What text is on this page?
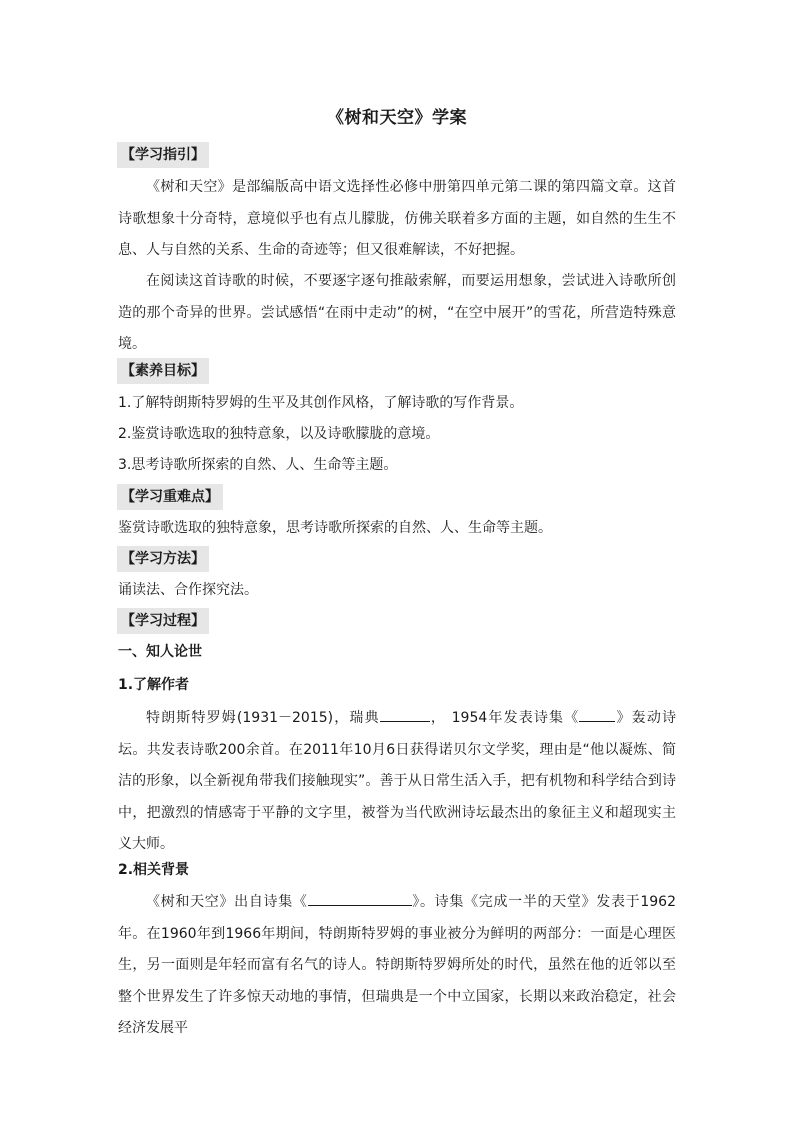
《树和天空》学案
【学习指引】

《树和天空》是部编版高中语文选择性必修中册第四单元第二课的第四篇文章。这首诗歌想象十分奇特，意境似乎也有点儿朦胧，仿佛关联着多方面的主题，如自然的生生不息、人与自然的关系、生命的奇迹等；但又很难解读，不好把握。

在阅读这首诗歌的时候，不要逐字逐句推敲索解，而要运用想象，尝试进入诗歌所创造的那个奇异的世界。尝试感悟“在雨中走动”的树，“在空中展开”的雪花，所营造特殊意境。

【素养目标】
1.了解特朗斯特罗姆的生平及其创作风格，了解诗歌的写作背景。
2.鉴赏诗歌选取的独特意象，以及诗歌朦胧的意境。
3.思考诗歌所探索的自然、人、生命等主题。
【学习重难点】
鉴赏诗歌选取的独特意象，思考诗歌所探索的自然、人、生命等主题。
【学习方法】
诵读法、合作探究法。
【学习过程】
一、知人论世
1.了解作者

特朗斯特罗姆(1931－2015)，瑞典	， 1954年发表诗集《	》轰动诗坛。共发表诗歌200余首。在2011年10月6日获得诺贝尔文学奖，理由是“他以凝炼、简洁的形象，以全新视角带我们接触现实”。善于从日常生活入手，把有机物和科学结合到诗中，把激烈的情感寄于平静的文字里，被誉为当代欧洲诗坛最杰出的象征主义和超现实主义大师。

2.相关背景

《树和天空》出自诗集《	》。诗集《完成一半的天堂》发表于1962年。在1960年到1966年期间，特朗斯特罗姆的事业被分为鲜明的两部分：一面是心理医生，另一面则是年轻而富有名气的诗人。特朗斯特罗姆所处的时代，虽然在他的近邻以至整个世界发生了许多惊天动地的事情，但瑞典是一个中立国家，长期以来政治稳定，社会经济发展平
